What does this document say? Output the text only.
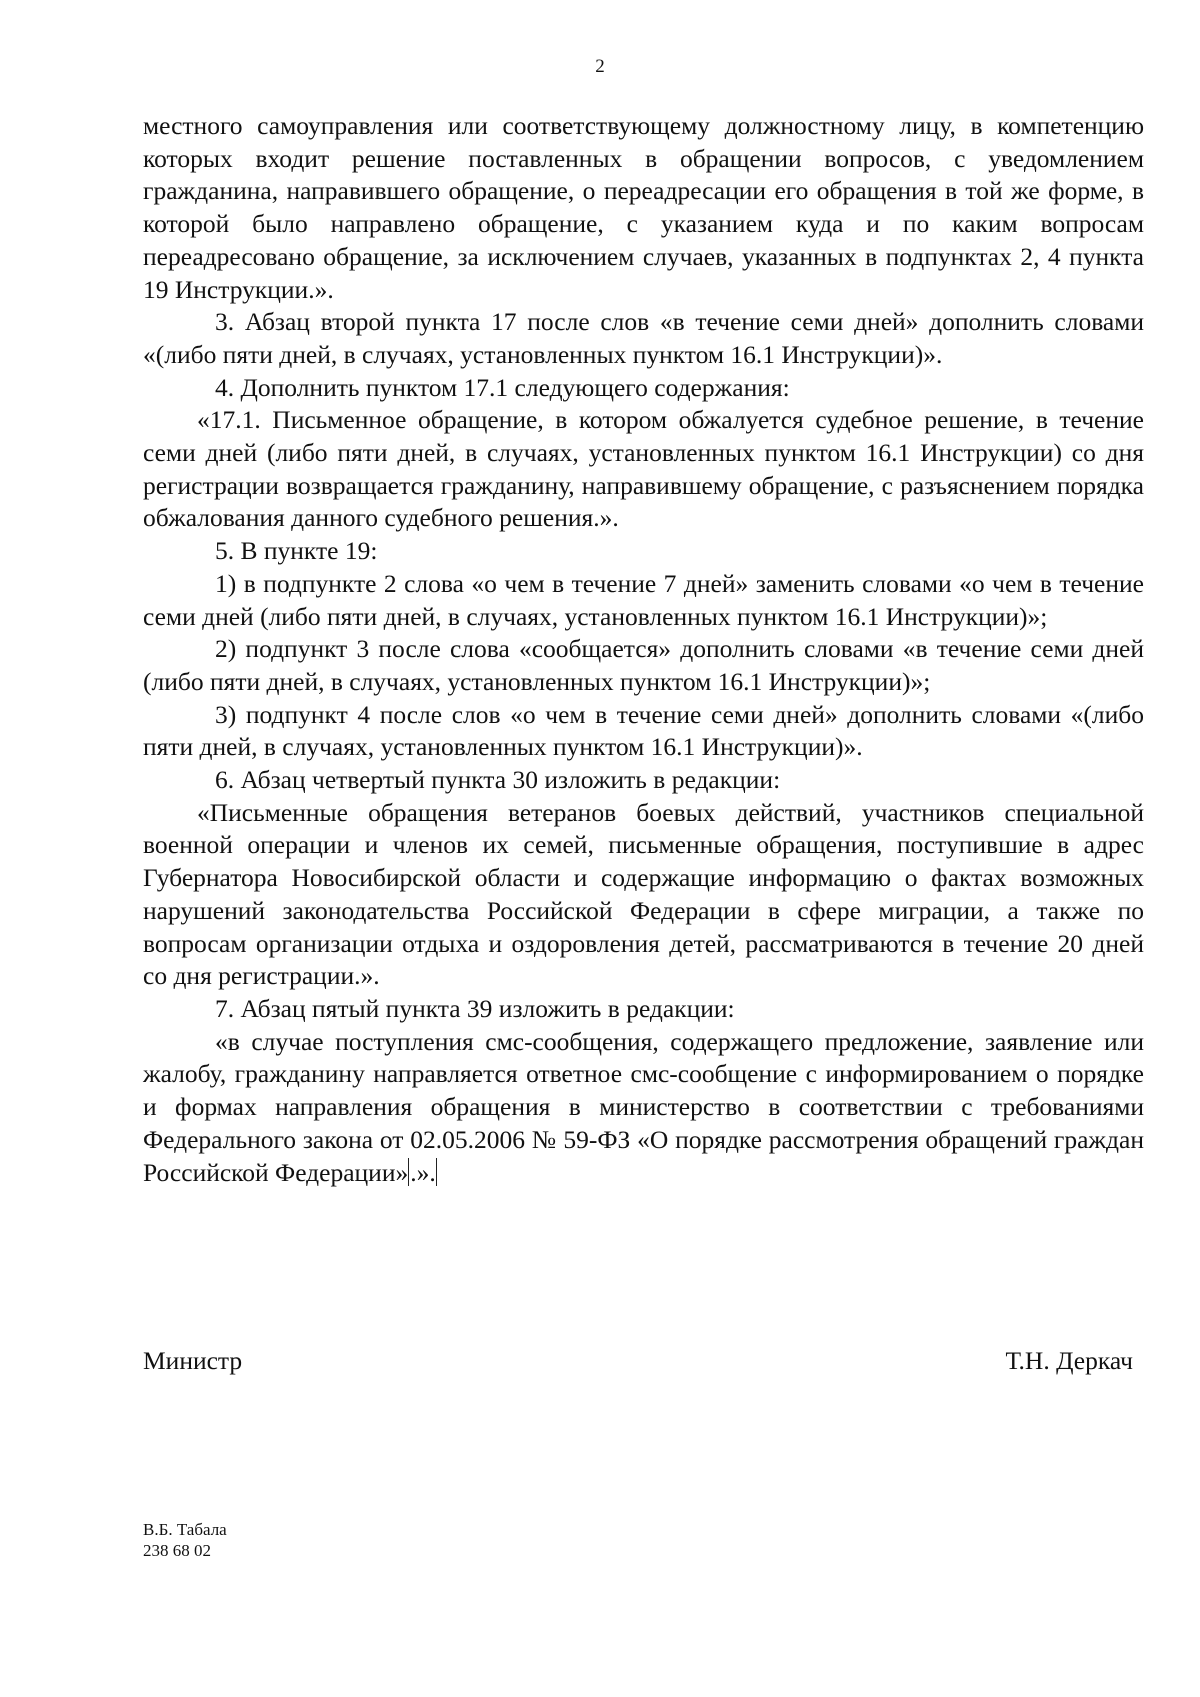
2

местного самоуправления или соответствующему должностному лицу, в компетенцию которых входит решение поставленных в обращении вопросов, с уведомлением гражданина, направившего обращение, о переадресации его обращения в той же форме, в которой было направлено обращение, с указанием куда и по каким вопросам переадресовано обращение, за исключением случаев, указанных в подпунктах 2, 4 пункта 19 Инструкции.».

3. Абзац второй пункта 17 после слов «в течение семи дней» дополнить словами «(либо пяти дней, в случаях, установленных пунктом 16.1 Инструкции)».

4. Дополнить пунктом 17.1 следующего содержания:

«17.1. Письменное обращение, в котором обжалуется судебное решение, в течение семи дней (либо пяти дней, в случаях, установленных пунктом 16.1 Инструкции) со дня регистрации возвращается гражданину, направившему обращение, с разъяснением порядка обжалования данного судебного решения.».

5. В пункте 19:

1) в подпункте 2 слова «о чем в течение 7 дней» заменить словами «о чем в течение семи дней (либо пяти дней, в случаях, установленных пунктом 16.1 Инструкции)»;

2) подпункт 3 после слова «сообщается» дополнить словами «в течение семи дней (либо пяти дней, в случаях, установленных пунктом 16.1 Инструкции)»;

3) подпункт 4 после слов «о чем в течение семи дней» дополнить словами «(либо пяти дней, в случаях, установленных пунктом 16.1 Инструкции)».

6. Абзац четвертый пункта 30 изложить в редакции:

«Письменные обращения ветеранов боевых действий, участников специальной военной операции и членов их семей, письменные обращения, поступившие в адрес Губернатора Новосибирской области и содержащие информацию о фактах возможных нарушений законодательства Российской Федерации в сфере миграции, а также по вопросам организации отдыха и оздоровления детей, рассматриваются в течение 20 дней со дня регистрации.».

7. Абзац пятый пункта 39 изложить в редакции:

«в случае поступления смс-сообщения, содержащего предложение, заявление или жалобу, гражданину направляется ответное смс-сообщение с информированием о порядке и формах направления обращения в министерство в соответствии с требованиями Федерального закона от 02.05.2006 № 59-ФЗ «О порядке рассмотрения обращений граждан Российской Федерации».».

Министр	Т.Н. Деркач
В.Б. Табала
238 68 02
